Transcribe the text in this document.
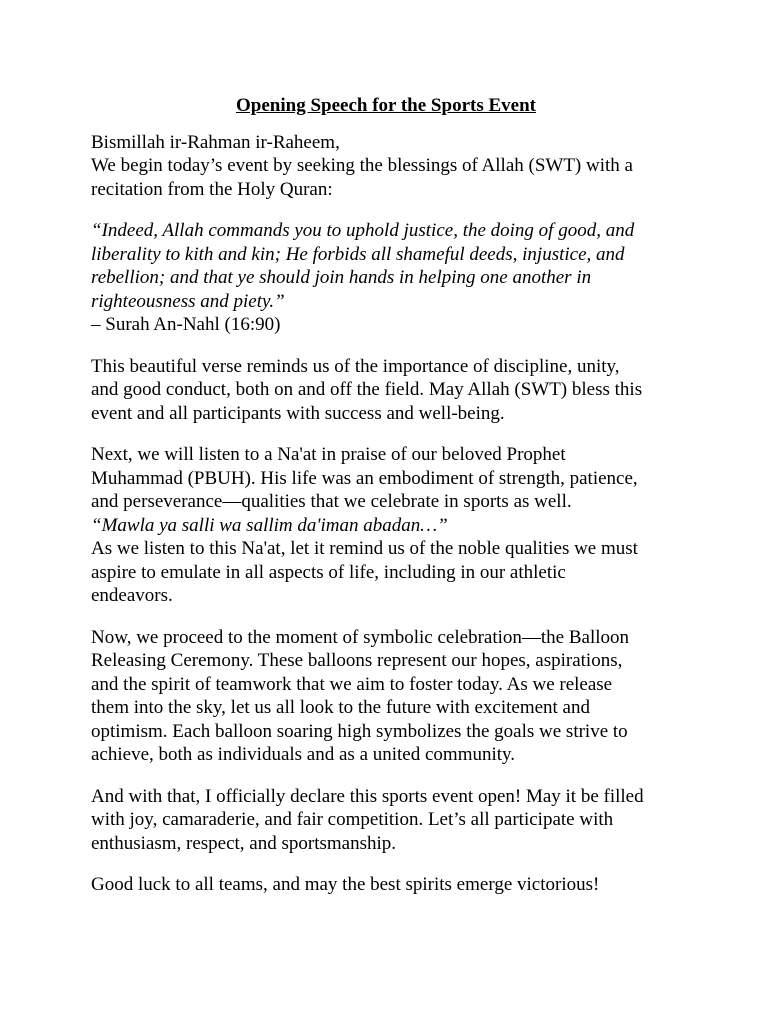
Opening Speech for the Sports Event
Bismillah ir-Rahman ir-Raheem,
We begin today’s event by seeking the blessings of Allah (SWT) with a
recitation from the Holy Quran:
“Indeed, Allah commands you to uphold justice, the doing of good, and
liberality to kith and kin; He forbids all shameful deeds, injustice, and
rebellion; and that ye should join hands in helping one another in
righteousness and piety.”
– Surah An-Nahl (16:90)
This beautiful verse reminds us of the importance of discipline, unity,
and good conduct, both on and off the field. May Allah (SWT) bless this
event and all participants with success and well-being.
Next, we will listen to a Na'at in praise of our beloved Prophet
Muhammad (PBUH). His life was an embodiment of strength, patience,
and perseverance—qualities that we celebrate in sports as well.
“Mawla ya salli wa sallim da'iman abadan…”
As we listen to this Na'at, let it remind us of the noble qualities we must
aspire to emulate in all aspects of life, including in our athletic
endeavors.
Now, we proceed to the moment of symbolic celebration—the Balloon
Releasing Ceremony. These balloons represent our hopes, aspirations,
and the spirit of teamwork that we aim to foster today. As we release
them into the sky, let us all look to the future with excitement and
optimism. Each balloon soaring high symbolizes the goals we strive to
achieve, both as individuals and as a united community.
And with that, I officially declare this sports event open! May it be filled
with joy, camaraderie, and fair competition. Let’s all participate with
enthusiasm, respect, and sportsmanship.
Good luck to all teams, and may the best spirits emerge victorious!
